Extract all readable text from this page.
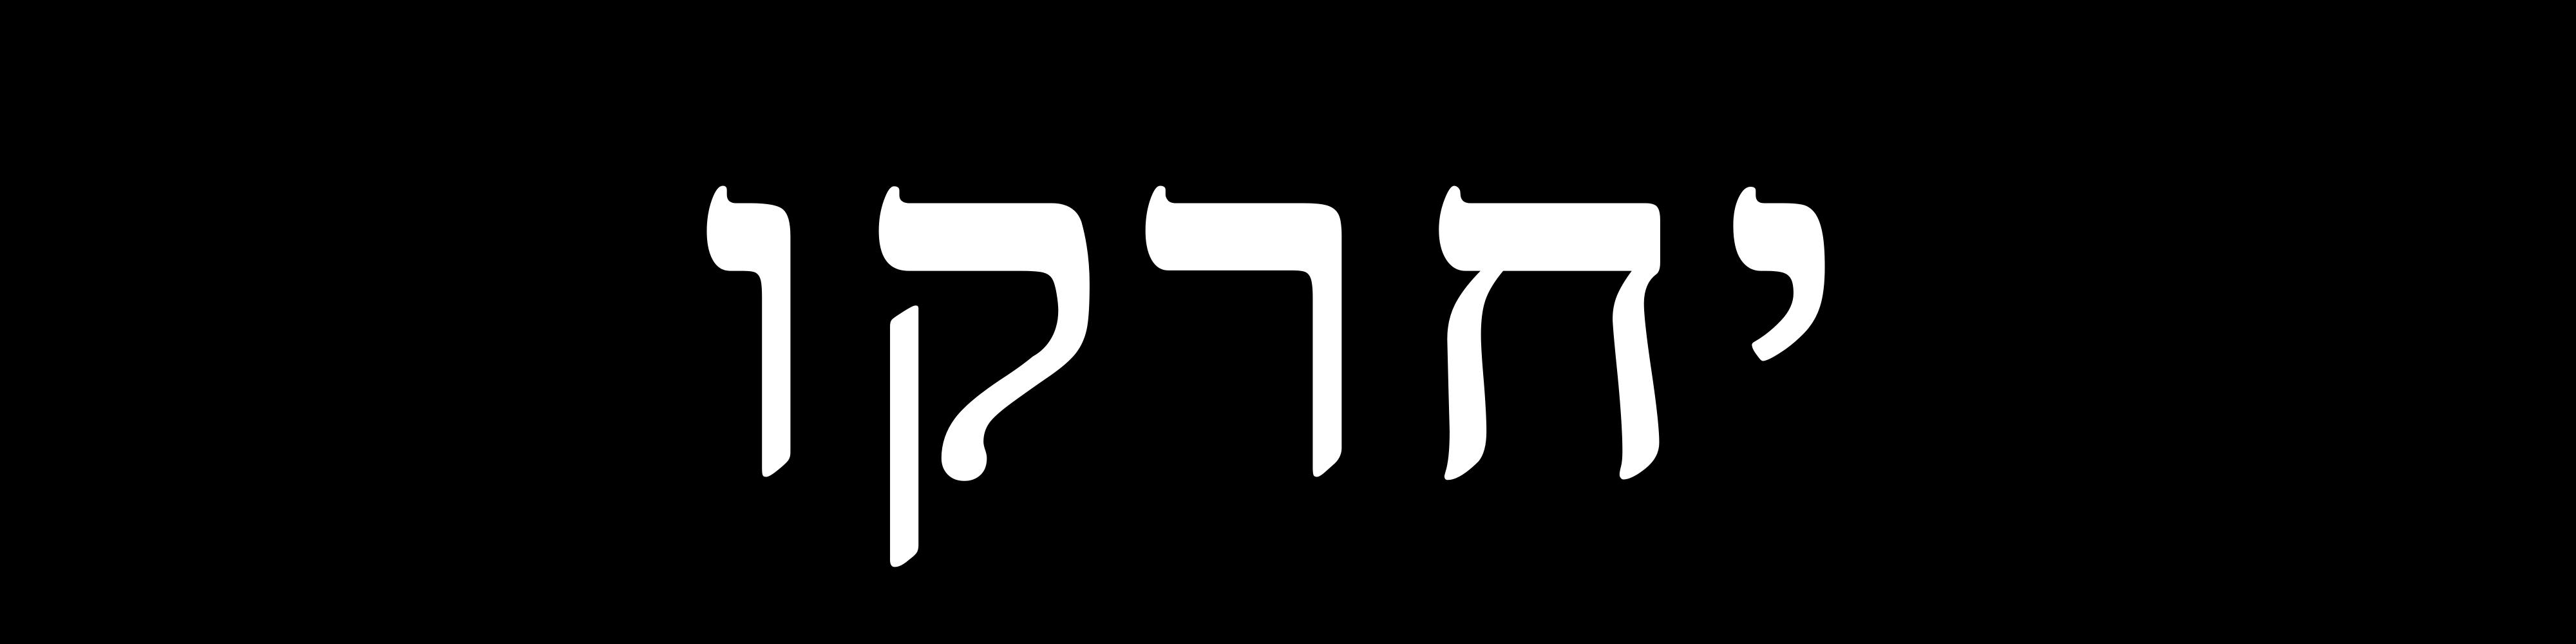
יחרקו
